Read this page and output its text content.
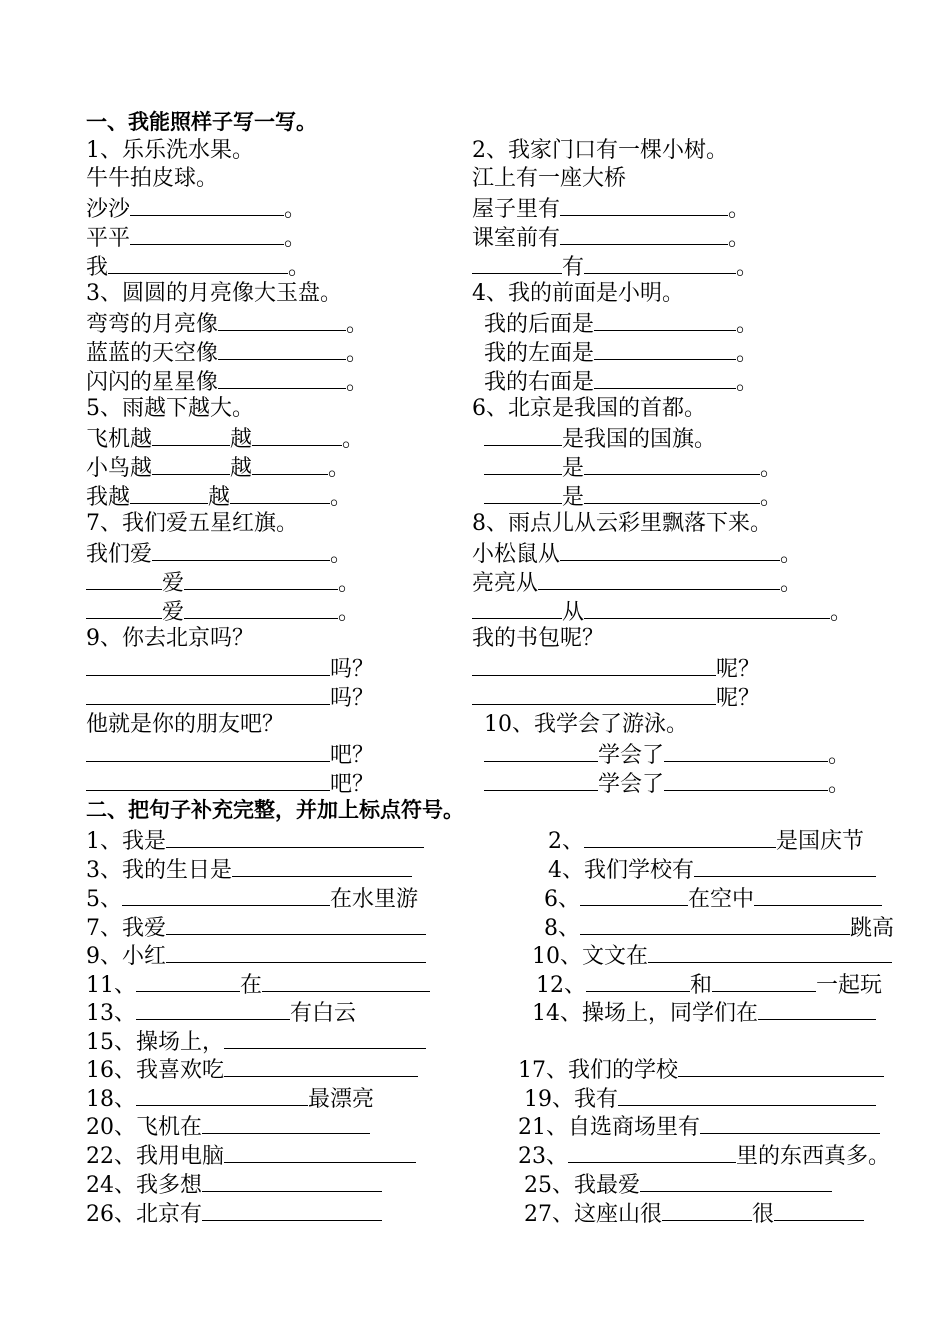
一、我能照样子写一写。
1、乐乐洗水果。	2、我家门口有一棵小树。
牛牛拍皮球。	江上有一座大桥
沙沙	。
平平	。
我	。
屋子里有	。
课室前有	。
有	。
3、圆圆的月亮像大玉盘。	4、我的前面是小明。
弯弯的月亮像	。
蓝蓝的天空像	。
闪闪的星星像	。
我的后面是	。
我的左面是	。
我的右面是	。
5、雨越下越大。	6、北京是我国的首都。
飞机越	越	。
小鸟越	越	。
我越	越	。
是我国的国旗。
是	。
是	。
7、我们爱五星红旗。	8、雨点儿从云彩里飘落下来。
我们爱	。
爱	。
爱	。
小松鼠从	。
亮亮从	。
从	。
9、你去北京吗？	我的书包呢？
吗？
吗？
呢？
呢？
他就是你的朋友吧？	10、我学会了游泳。
吧？
吧？
学会了	。
学会了	。
二、把句子补充完整，并加上标点符号。
1、我是	2、	是国庆节
3、我的生日是	4、我们学校有
5、	在水里游	6、	在空中
7、我爱	8、	跳高
9、小红	10、文文在
11、	在	12、	和	一起玩
13、	有白云	14、操场上，同学们在
15、操场上，
16、我喜欢吃	17、我们的学校
18、	最漂亮	19、我有
20、飞机在	21、自选商场里有
22、我用电脑	23、	里的东西真多。
24、我多想	25、我最爱
26、北京有	27、这座山很	很
